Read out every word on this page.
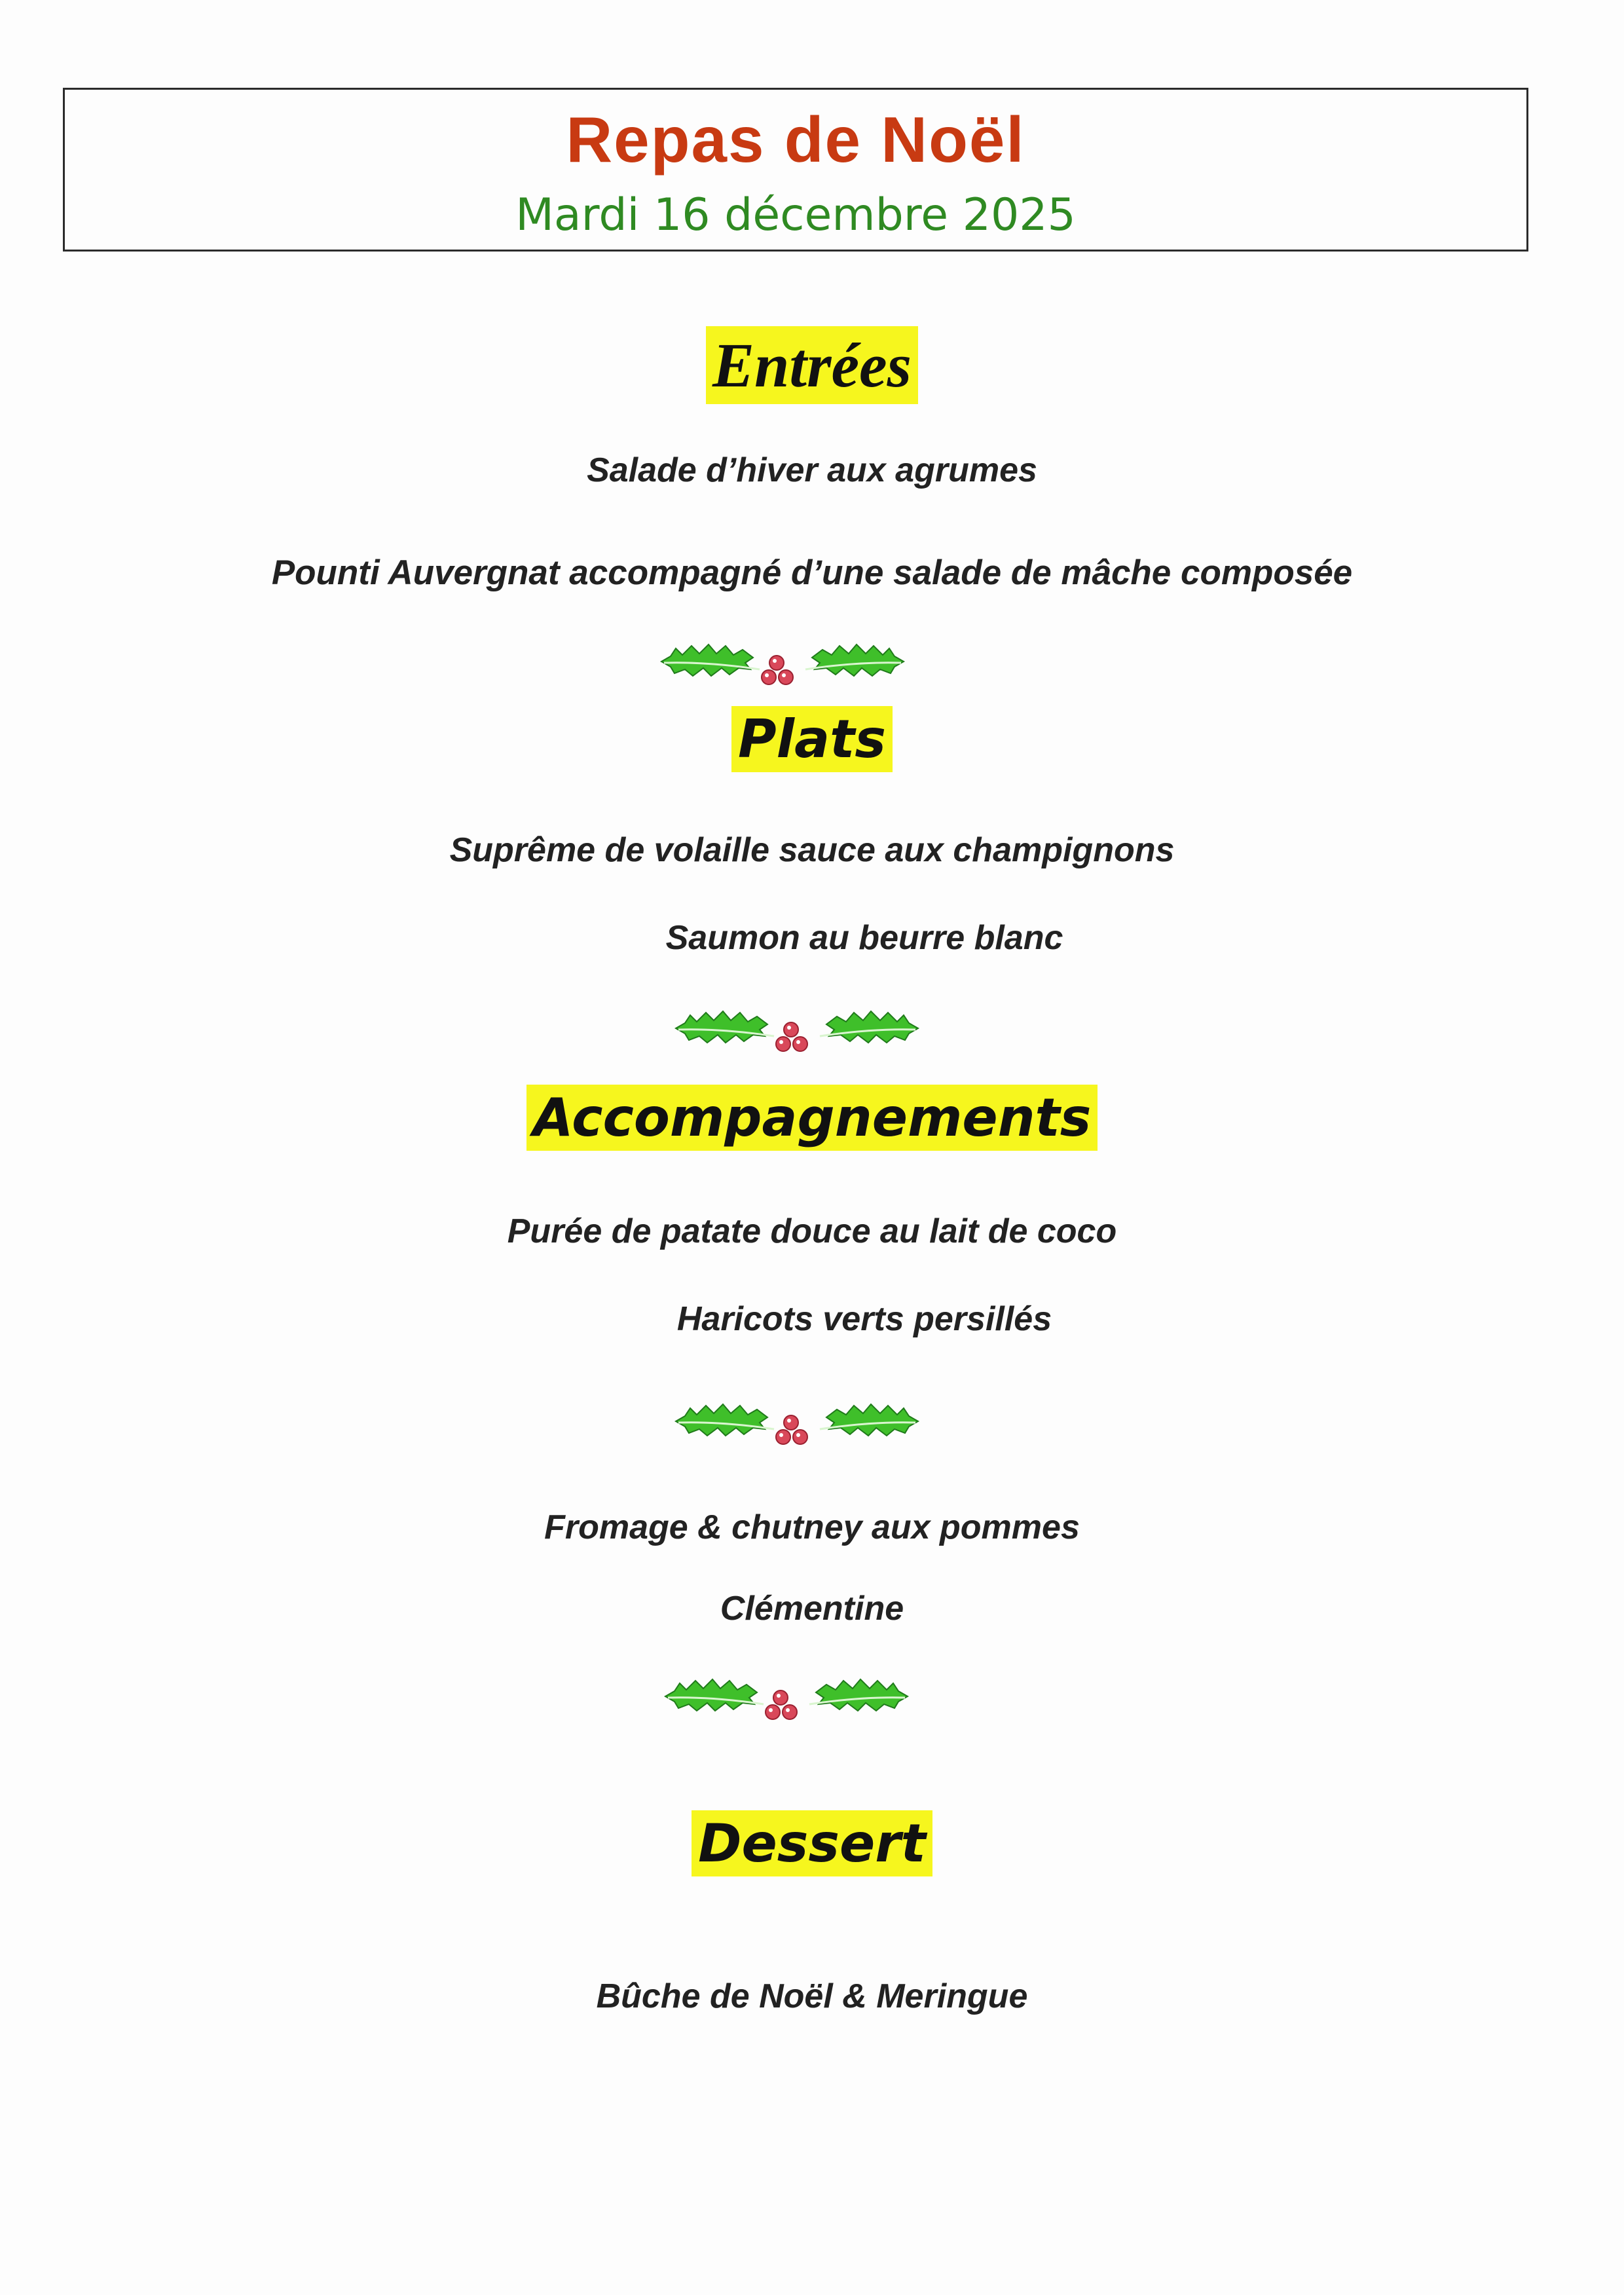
Repas de Noël
Mardi 16 décembre 2025
Entrées
Salade d’hiver aux agrumes
Pounti Auvergnat accompagné d’une salade de mâche composée
Plats
Suprême de volaille sauce aux champignons
Saumon au beurre blanc
Accompagnements
Purée de patate douce au lait de coco
Haricots verts persillés
Fromage & chutney aux pommes
Clémentine
Dessert
Bûche de Noël & Meringue
